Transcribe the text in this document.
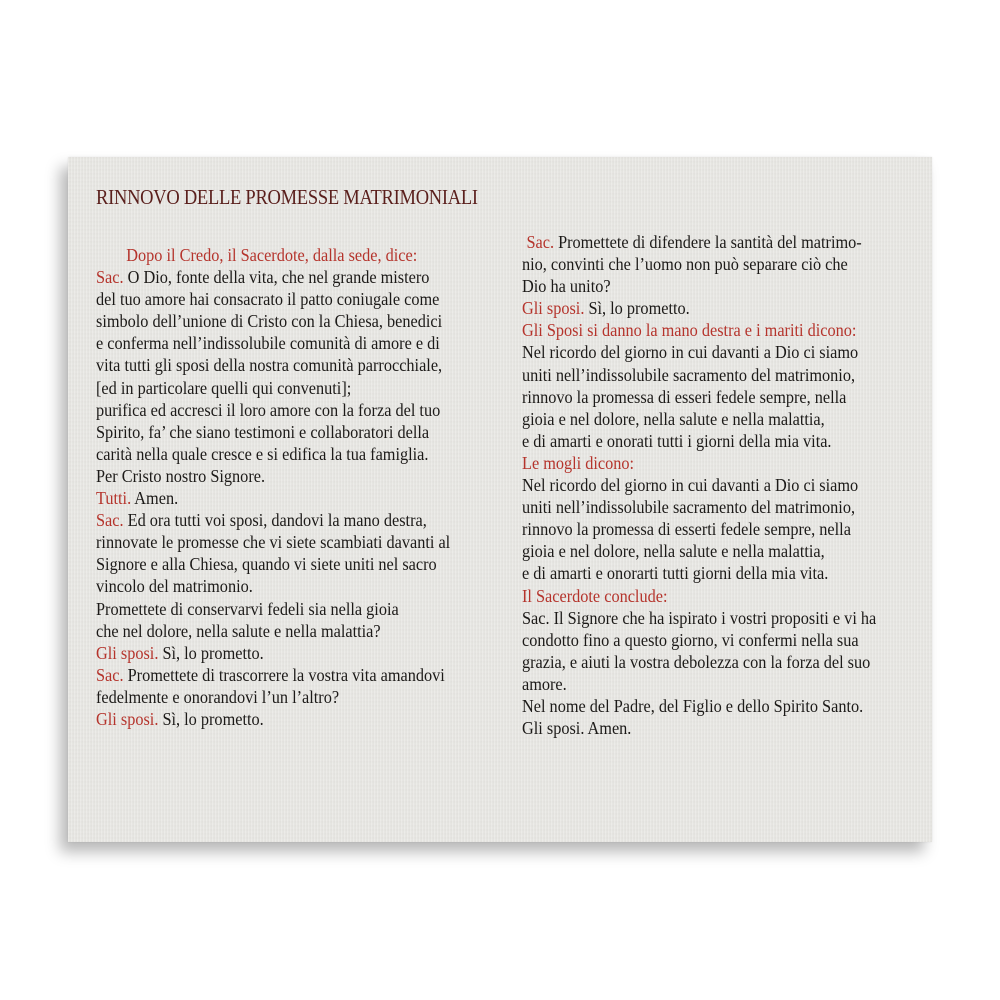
RINNOVO DELLE PROMESSE MATRIMONIALI
Dopo il Credo, il Sacerdote, dalla sede, dice:
Sac. O Dio, fonte della vita, che nel grande mistero
del tuo amore hai consacrato il patto coniugale come
simbolo dell’unione di Cristo con la Chiesa, benedici
e conferma nell’indissolubile comunità di amore e di
vita tutti gli sposi della nostra comunità parrocchiale,
[ed in particolare quelli qui convenuti];
purifica ed accresci il loro amore con la forza del tuo
Spirito, fa’ che siano testimoni e collaboratori della
carità nella quale cresce e si edifica la tua famiglia.
Per Cristo nostro Signore.
Tutti. Amen.
Sac. Ed ora tutti voi sposi, dandovi la mano destra,
rinnovate le promesse che vi siete scambiati davanti al
Signore e alla Chiesa, quando vi siete uniti nel sacro
vincolo del matrimonio.
Promettete di conservarvi fedeli sia nella gioia
che nel dolore, nella salute e nella malattia?
Gli sposi. Sì, lo prometto.
Sac. Promettete di trascorrere la vostra vita amandovi
fedelmente e onorandovi l’un l’altro?
Gli sposi. Sì, lo prometto.
Sac. Promettete di difendere la santità del matrimo-
nio, convinti che l’uomo non può separare ciò che
Dio ha unito?
Gli sposi. Sì, lo prometto.
Gli Sposi si danno la mano destra e i mariti dicono:
Nel ricordo del giorno in cui davanti a Dio ci siamo
uniti nell’indissolubile sacramento del matrimonio,
rinnovo la promessa di esseri fedele sempre, nella
gioia e nel dolore, nella salute e nella malattia,
e di amarti e onorati tutti i giorni della mia vita.
Le mogli dicono:
Nel ricordo del giorno in cui davanti a Dio ci siamo
uniti nell’indissolubile sacramento del matrimonio,
rinnovo la promessa di esserti fedele sempre, nella
gioia e nel dolore, nella salute e nella malattia,
e di amarti e onorarti tutti giorni della mia vita.
Il Sacerdote conclude:
Sac. Il Signore che ha ispirato i vostri propositi e vi ha
condotto fino a questo giorno, vi confermi nella sua
grazia, e aiuti la vostra debolezza con la forza del suo
amore.
Nel nome del Padre, del Figlio e dello Spirito Santo.
Gli sposi. Amen.
